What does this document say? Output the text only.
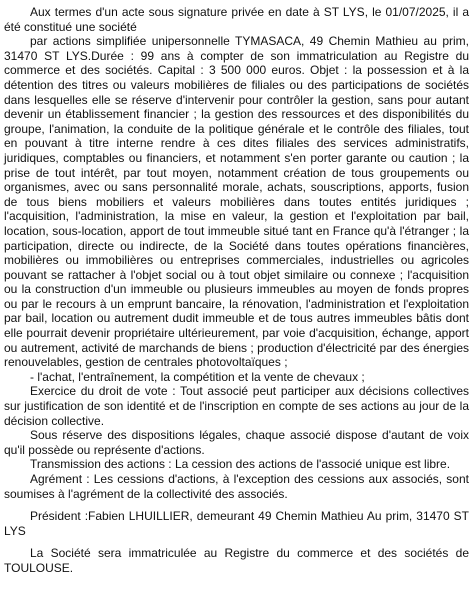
Aux termes d'un acte sous signature privée en date à ST LYS, le 01/07/2025, il a été constitué une société

par actions simplifiée unipersonnelle TYMASACA, 49 Chemin Mathieu au prim, 31470 ST LYS.Durée : 99 ans à compter de son immatriculation au Registre du commerce et des sociétés. Capital : 3 500 000 euros. Objet : la possession et à la détention des titres ou valeurs mobilières de filiales ou des participations de sociétés dans lesquelles elle se réserve d'intervenir pour contrôler la gestion, sans pour autant devenir un établissement financier ; la gestion des ressources et des disponibilités du groupe, l'animation, la conduite de la politique générale et le contrôle des filiales, tout en pouvant à titre interne rendre à ces dites filiales des services administratifs, juridiques, comptables ou financiers, et notamment s'en porter garante ou caution ; la prise de tout intérêt, par tout moyen, notamment création de tous groupements ou organismes, avec ou sans personnalité morale, achats, souscriptions, apports, fusion de tous biens mobiliers et valeurs mobilières dans toutes entités juridiques ; l'acquisition, l'administration, la mise en valeur, la gestion et l'exploitation par bail, location, sous-location, apport de tout immeuble situé tant en France qu'à l'étranger ; la participation, directe ou indirecte, de la Société dans toutes opérations financières, mobilières ou immobilières ou entreprises commerciales, industrielles ou agricoles pouvant se rattacher à l'objet social ou à tout objet similaire ou connexe ; l'acquisition ou la construction d'un immeuble ou plusieurs immeubles au moyen de fonds propres ou par le recours à un emprunt bancaire, la rénovation, l'administration et l'exploitation par bail, location ou autrement dudit immeuble et de tous autres immeubles bâtis dont elle pourrait devenir propriétaire ultérieurement, par voie d'acquisition, échange, apport ou autrement, activité de marchands de biens ; production d'électricité par des énergies renouvelables, gestion de centrales photovoltaïques ;

- l'achat, l'entraînement, la compétition et la vente de chevaux ;

Exercice du droit de vote : Tout associé peut participer aux décisions collectives sur justification de son identité et de l'inscription en compte de ses actions au jour de la décision collective.

Sous réserve des dispositions légales, chaque associé dispose d'autant de voix qu'il possède ou représente d'actions.

Transmission des actions : La cession des actions de l'associé unique est libre.

Agrément : Les cessions d'actions, à l'exception des cessions aux associés, sont soumises à l'agrément de la collectivité des associés.

Président :Fabien LHUILLIER, demeurant 49 Chemin Mathieu Au prim, 31470 ST LYS

La Société sera immatriculée au Registre du commerce et des sociétés de TOULOUSE.
